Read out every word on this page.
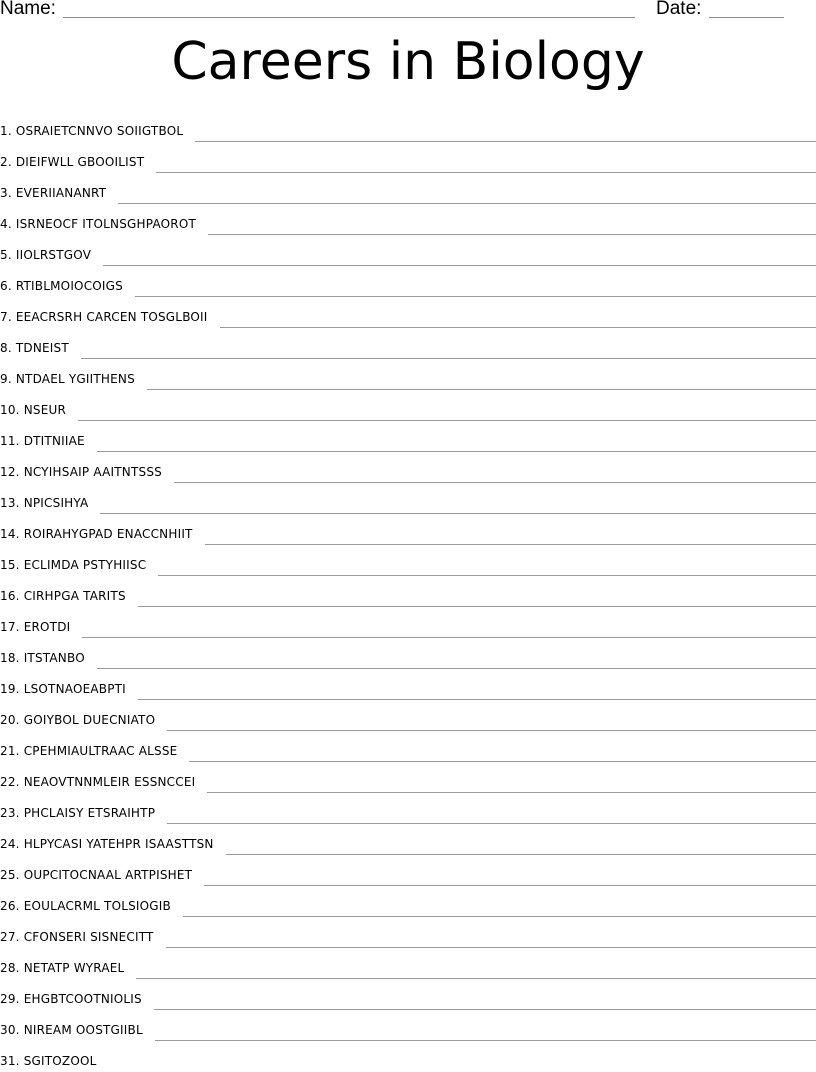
Name:	Date:
Careers in Biology
1. OSRAIETCNNVO SOIIGTBOL
2. DIEIFWLL GBOOILIST
3. EVERIIANANRT
4. ISRNEOCF ITOLNSGHPAOROT
5. IIOLRSTGOV
6. RTIBLMOIOCOIGS
7. EEACRSRH CARCEN TOSGLBOII
8. TDNEIST
9. NTDAEL YGIITHENS
10. NSEUR
11. DTITNIIAE
12. NCYIHSAIP AAITNTSSS
13. NPICSIHYA
14. ROIRAHYGPAD ENACCNHIIT
15. ECLIMDA PSTYHIISC
16. CIRHPGA TARITS
17. EROTDI
18. ITSTANBO
19. LSOTNAOEABPTI
20. GOIYBOL DUECNIATO
21. CPEHMIAULTRAAC ALSSE
22. NEAOVTNNMLEIR ESSNCCEI
23. PHCLAISY ETSRAIHTP
24. HLPYCASI YATEHPR ISAASTTSN
25. OUPCITOCNAAL ARTPISHET
26. EOULACRML TOLSIOGIB
27. CFONSERI SISNECITT
28. NETATP WYRAEL
29. EHGBTCOOTNIOLIS
30. NIREAM OOSTGIIBL
31. SGITOZOOL
